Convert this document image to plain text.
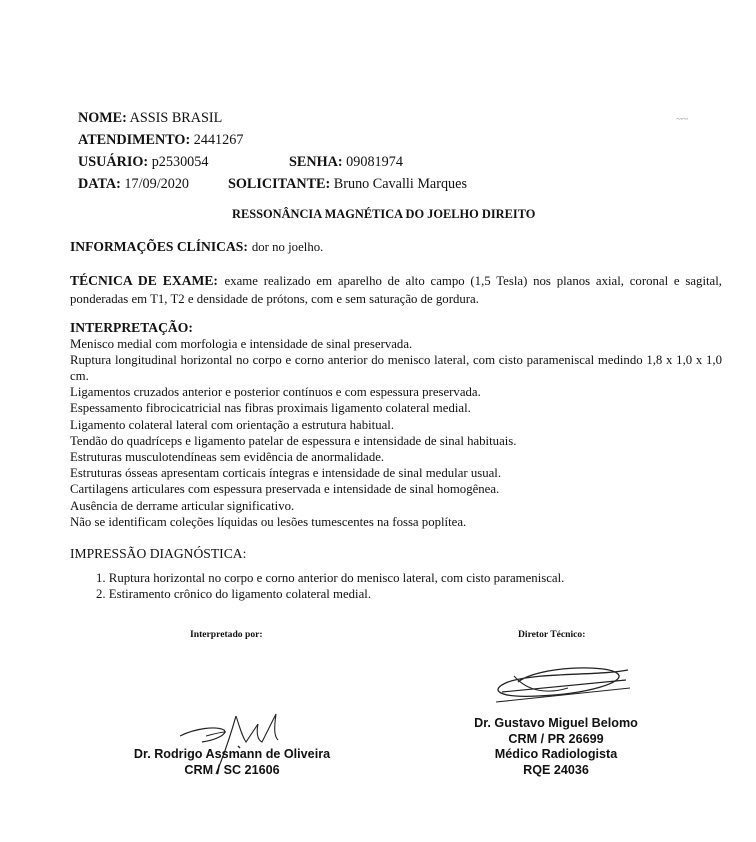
NOME: ASSIS BRASIL
ATENDIMENTO: 2441267
USUÁRIO: p2530054	SENHA: 09081974
DATA: 17/09/2020	SOLICITANTE: Bruno Cavalli Marques
~·~·
RESSONÂNCIA MAGNÉTICA DO JOELHO DIREITO
INFORMAÇÕES CLÍNICAS: dor no joelho.
TÉCNICA DE EXAME: exame realizado em aparelho de alto campo (1,5 Tesla) nos planos axial, coronal e sagital, ponderadas em T1, T2 e densidade de prótons, com e sem saturação de gordura.
INTERPRETAÇÃO:
Menisco medial com morfologia e intensidade de sinal preservada.
Ruptura longitudinal horizontal no corpo e corno anterior do menisco lateral, com cisto parameniscal medindo 1,8 x 1,0 x 1,0 cm.
Ligamentos cruzados anterior e posterior contínuos e com espessura preservada.
Espessamento fibrocicatricial nas fibras proximais ligamento colateral medial.
Ligamento colateral lateral com orientação a estrutura habitual.
Tendão do quadríceps e ligamento patelar de espessura e intensidade de sinal habituais.
Estruturas musculotendíneas sem evidência de anormalidade.
Estruturas ósseas apresentam corticais íntegras e intensidade de sinal medular usual.
Cartilagens articulares com espessura preservada e intensidade de sinal homogênea.
Ausência de derrame articular significativo.
Não se identificam coleções líquidas ou lesões tumescentes na fossa poplítea.
IMPRESSÃO DIAGNÓSTICA:
1. Ruptura horizontal no corpo e corno anterior do menisco lateral, com cisto parameniscal.
2. Estiramento crônico do ligamento colateral medial.
Interpretado por:	Diretor Técnico:
Dr. Gustavo Miguel Belomo
CRM / PR 26699
Médico Radiologista
RQE 24036
Dr. Rodrigo Assmann de Oliveira
CRM / SC 21606
